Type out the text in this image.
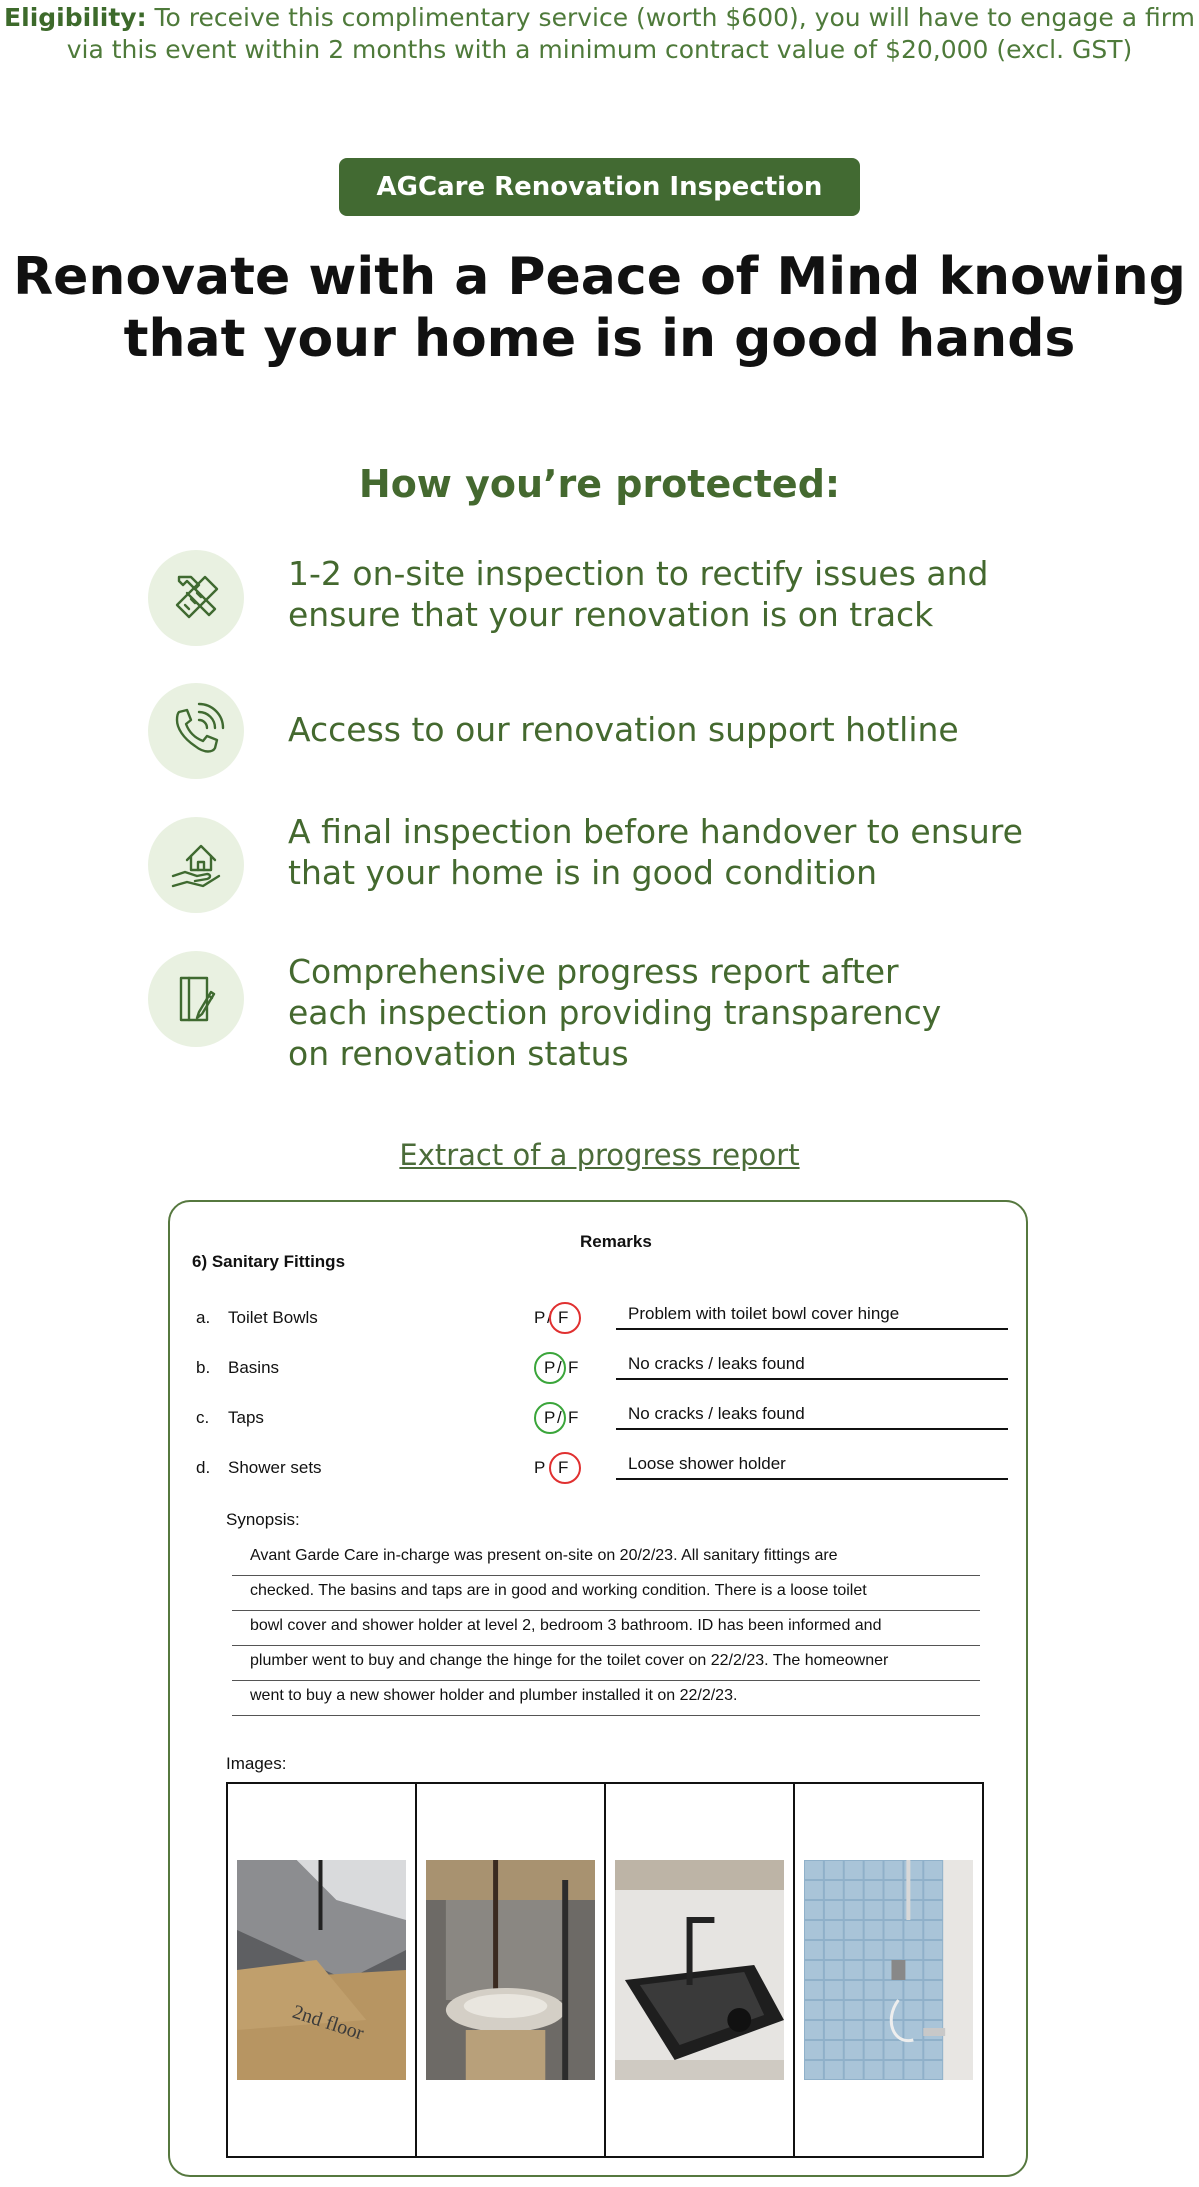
Eligibility: To receive this complimentary service (worth $600), you will have to engage a firm
via this event within 2 months with a minimum contract value of $20,000 (excl. GST)
AGCare Renovation Inspection
Renovate with a Peace of Mind knowing
that your home is in good hands
How you’re protected:
1-2 on-site inspection to rectify issues and
ensure that your renovation is on track
Access to our renovation support hotline
A final inspection before handover to ensure
that your home is in good condition
Comprehensive progress report after
each inspection providing transparency
on renovation status
Extract of a progress report
Remarks
6) Sanitary Fittings
a. Toilet Bowls	P / F	Problem with toilet bowl cover hinge
b. Basins	P / F	No cracks / leaks found
c. Taps	P / F	No cracks / leaks found
d. Shower sets	P F	Loose shower holder
Synopsis:
Avant Garde Care in-charge was present on-site on 20/2/23. All sanitary fittings are
checked. The basins and taps are in good and working condition. There is a loose toilet
bowl cover and shower holder at level 2, bedroom 3 bathroom. ID has been informed and
plumber went to buy and change the hinge for the toilet cover on 22/2/23. The homeowner
went to buy a new shower holder and plumber installed it on 22/2/23.
Images:
2nd floor
